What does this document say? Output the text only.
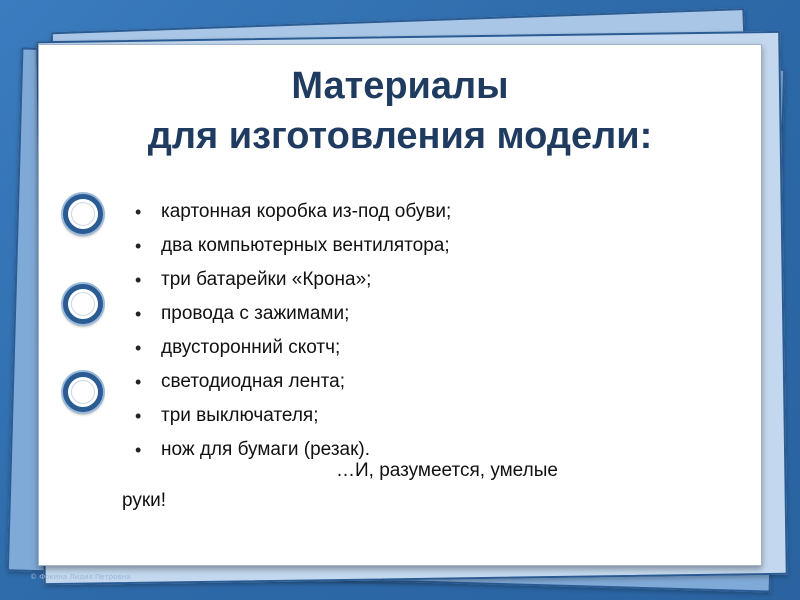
Материалы
для изготовления модели:
• картонная коробка из-под обуви;
• два компьютерных вентилятора;
• три батарейки «Крона»;
• провода с зажимами;
• двусторонний скотч;
• светодиодная лента;
• три выключателя;
• нож для бумаги (резак).
…И, разумеется, умелые
руки!
© Фокина Лидия Петровна
